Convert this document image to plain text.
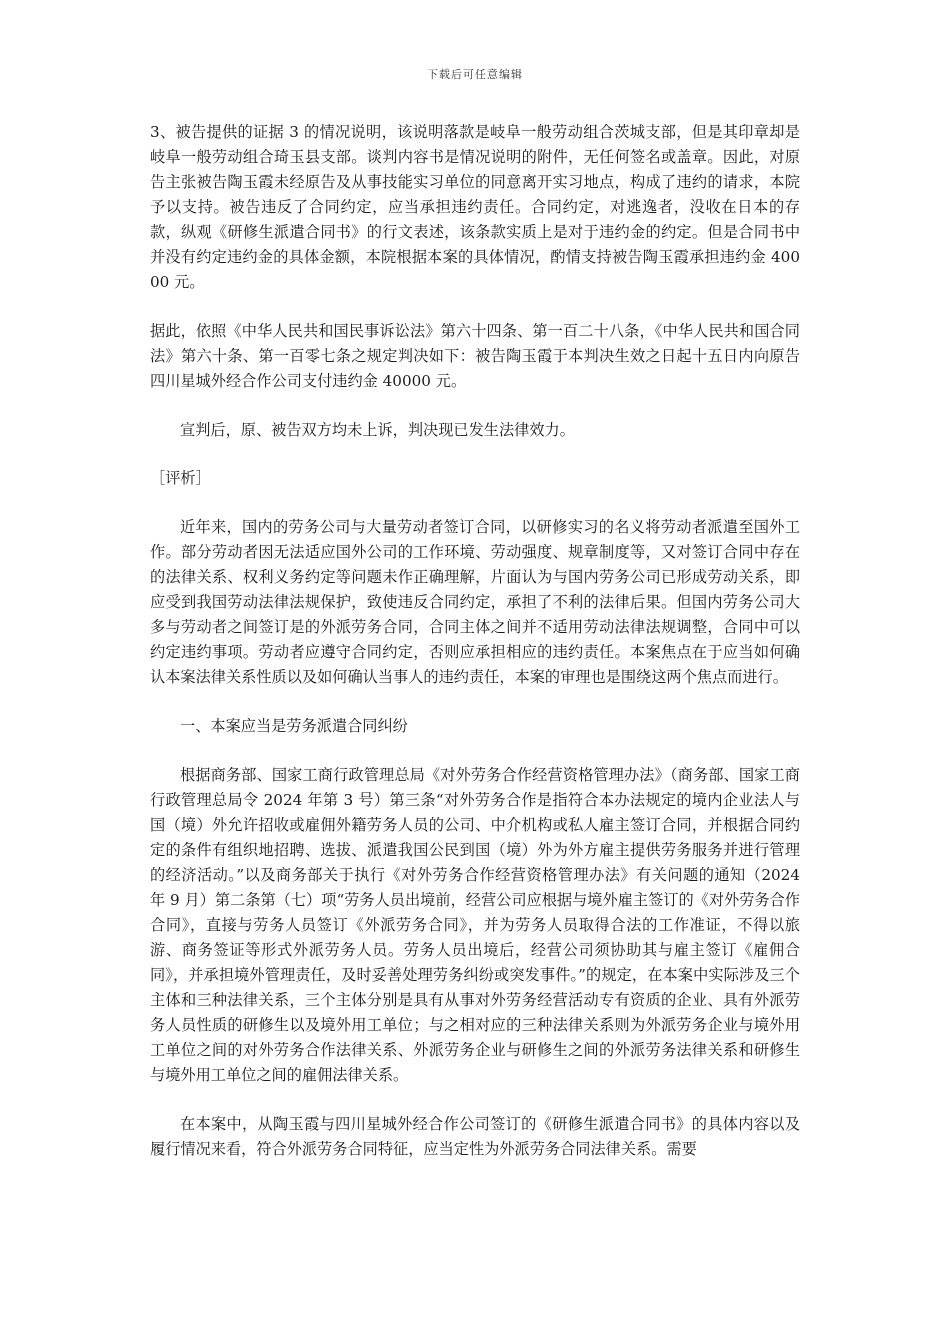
下载后可任意编辑

3、被告提供的证据 3 的情况说明，该说明落款是岐阜一般劳动组合茨城支部，但是其印章却是岐阜一般劳动组合琦玉县支部。谈判内容书是情况说明的附件，无任何签名或盖章。因此，对原告主张被告陶玉霞未经原告及从事技能实习单位的同意离开实习地点，构成了违约的请求，本院予以支持。被告违反了合同约定，应当承担违约责任。合同约定，对逃逸者，没收在日本的存款，纵观《研修生派遣合同书》的行文表述，该条款实质上是对于违约金的约定。但是合同书中并没有约定违约金的具体金额，本院根据本案的具体情况，酌情支持被告陶玉霞承担违约金 40000 元。

据此，依照《中华人民共和国民事诉讼法》第六十四条、第一百二十八条，《中华人民共和国合同法》第六十条、第一百零七条之规定判决如下：被告陶玉霞于本判决生效之日起十五日内向原告四川星城外经合作公司支付违约金 40000 元。

宣判后，原、被告双方均未上诉，判决现已发生法律效力。

［评析］

近年来，国内的劳务公司与大量劳动者签订合同，以研修实习的名义将劳动者派遣至国外工作。部分劳动者因无法适应国外公司的工作环境、劳动强度、规章制度等，又对签订合同中存在的法律关系、权利义务约定等问题未作正确理解，片面认为与国内劳务公司已形成劳动关系，即应受到我国劳动法律法规保护，致使违反合同约定，承担了不利的法律后果。但国内劳务公司大多与劳动者之间签订是的外派劳务合同，合同主体之间并不适用劳动法律法规调整，合同中可以约定违约事项。劳动者应遵守合同约定，否则应承担相应的违约责任。本案焦点在于应当如何确认本案法律关系性质以及如何确认当事人的违约责任，本案的审理也是围绕这两个焦点而进行。

一、本案应当是劳务派遣合同纠纷

根据商务部、国家工商行政管理总局《对外劳务合作经营资格管理办法》（商务部、国家工商行政管理总局令 2024 年第 3 号）第三条“对外劳务合作是指符合本办法规定的境内企业法人与国（境）外允许招收或雇佣外籍劳务人员的公司、中介机构或私人雇主签订合同，并根据合同约定的条件有组织地招聘、选拔、派遣我国公民到国（境）外为外方雇主提供劳务服务并进行管理的经济活动。”以及商务部关于执行《对外劳务合作经营资格管理办法》有关问题的通知（2024 年 9 月）第二条第（七）项“劳务人员出境前，经营公司应根据与境外雇主签订的《对外劳务合作合同》，直接与劳务人员签订《外派劳务合同》，并为劳务人员取得合法的工作准证，不得以旅游、商务签证等形式外派劳务人员。劳务人员出境后，经营公司须协助其与雇主签订《雇佣合同》，并承担境外管理责任，及时妥善处理劳务纠纷或突发事件。”的规定，在本案中实际涉及三个主体和三种法律关系，三个主体分别是具有从事对外劳务经营活动专有资质的企业、具有外派劳务人员性质的研修生以及境外用工单位；与之相对应的三种法律关系则为外派劳务企业与境外用工单位之间的对外劳务合作法律关系、外派劳务企业与研修生之间的外派劳务法律关系和研修生与境外用工单位之间的雇佣法律关系。

在本案中，从陶玉霞与四川星城外经合作公司签订的《研修生派遣合同书》的具体内容以及履行情况来看，符合外派劳务合同特征，应当定性为外派劳务合同法律关系。需要
